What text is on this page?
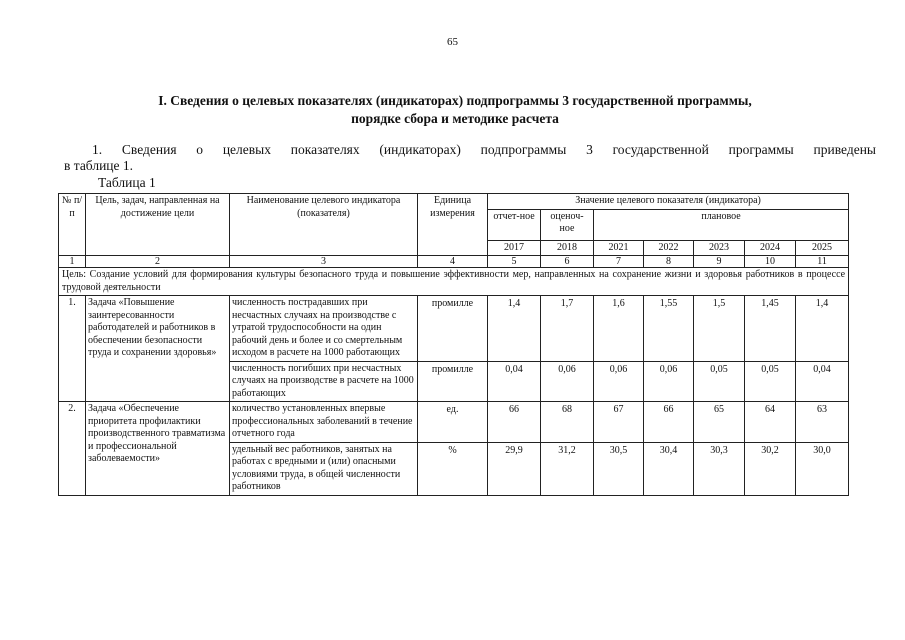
65
I. Сведения о целевых показателях (индикаторах) подпрограммы 3 государственной программы,
порядке сбора и методике расчета
1. Сведения о целевых показателях (индикаторах) подпрограммы 3 государственной программы приведены
в таблице 1.
Таблица 1
№ п/п	Цель, задач, направленная на достижение цели	Наименование целевого индикатора (показателя)	Единица измерения	Значение целевого показателя (индикатора)						
				отчет-ное	оценоч-ное	плановое				
				2017	2018	2021	2022	2023	2024	2025
1	2	3	4	5	6	7	8	9	10	11
Цель: Создание условий для формирования культуры безопасного труда и повышение эффективности мер, направленных на сохранение жизни и здоровья работников в процессе трудовой деятельности										
1.	Задача «Повышение заинтересованности работодателей и работников в обеспечении безопасности труда и сохранении здоровья»	численность пострадавших при несчастных случаях на производстве с утратой трудоспособности на один рабочий день и более и со смертельным исходом в расчете на 1000 работающих	промилле	1,4	1,7	1,6	1,55	1,5	1,45	1,4
		численность погибших при несчастных случаях на производстве в расчете на 1000 работающих	промилле	0,04	0,06	0,06	0,06	0,05	0,05	0,04
2.	Задача «Обеспечение приоритета профилактики производственного травматизма и профессиональной заболеваемости»	количество установленных впервые профессиональных заболеваний в течение отчетного года	ед.	66	68	67	66	65	64	63
		удельный вес работников, занятых на работах с вредными и (или) опасными условиями труда, в общей численности работников	%	29,9	31,2	30,5	30,4	30,3	30,2	30,0
